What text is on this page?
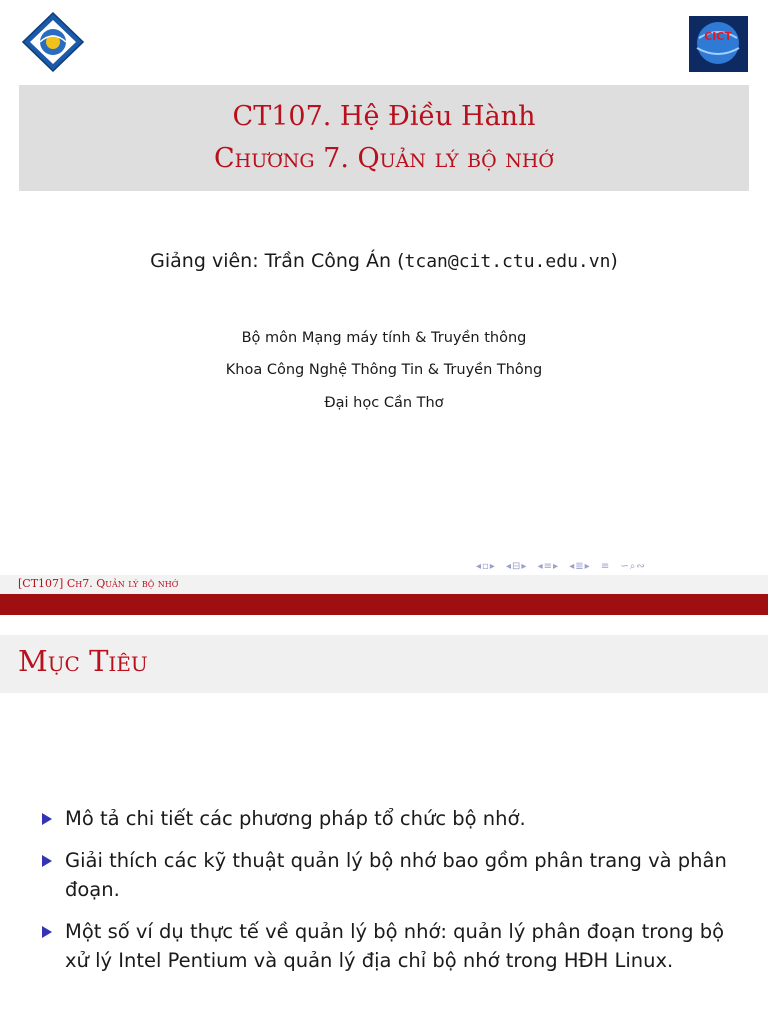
CICT
CT107. Hệ Điều Hành
Chương 7. Quản lý bộ nhớ
Giảng viên: Trần Công Án (tcan@cit.ctu.edu.vn)
Bộ môn Mạng máy tính & Truyền thông
Khoa Công Nghệ Thông Tin & Truyền Thông
Đại học Cần Thơ
◂▫▸ ◂⊟▸ ◂≡▸ ◂≣▸ ≡ ∽⌕∾
[CT107] Ch7. Quản lý bộ nhớ
Mục Tiêu
Mô tả chi tiết các phương pháp tổ chức bộ nhớ.
Giải thích các kỹ thuật quản lý bộ nhớ bao gồm phân trang và phân đoạn.
Một số ví dụ thực tế về quản lý bộ nhớ: quản lý phân đoạn trong bộ xử lý Intel Pentium và quản lý địa chỉ bộ nhớ trong HĐH Linux.
